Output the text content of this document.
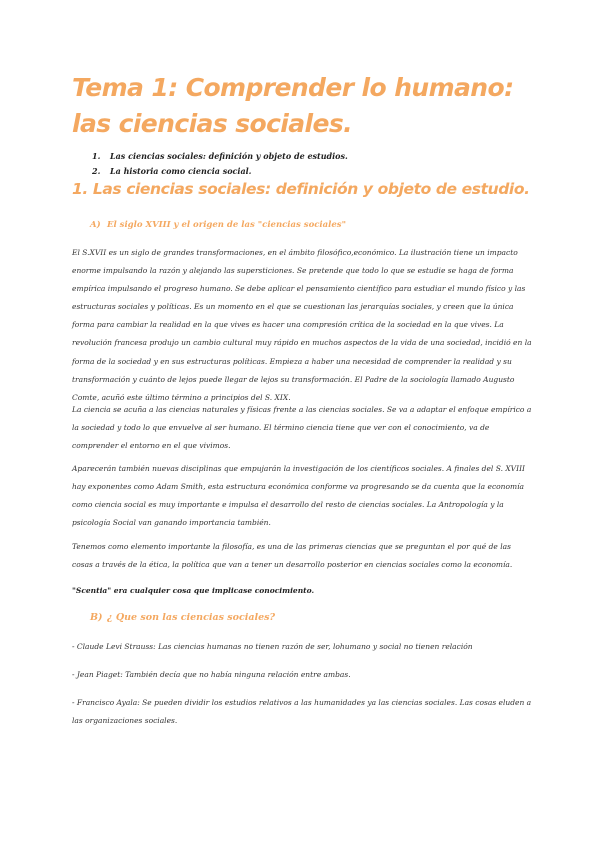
Tema 1: Comprender lo humano: las ciencias sociales.
1. Las ciencias sociales: definición y objeto de estudios.
2. La historia como ciencia social.
1. Las ciencias sociales: definición y objeto de estudio.
A) El siglo XVIII y el origen de las "ciencias sociales"

El S.XVII es un siglo de grandes transformaciones, en el ámbito filosófico,económico. La ilustración tiene un impacto enorme impulsando la razón y alejando las supersticiones. Se pretende que todo lo que se estudie se haga de forma empírica impulsando el progreso humano. Se debe aplicar el pensamiento científico para estudiar el mundo físico y las estructuras sociales y políticas. Es un momento en el que se cuestionan las jerarquías sociales, y creen que la única forma para cambiar la realidad en la que vives es hacer una compresión crítica de la sociedad en la que vives. La revolución francesa produjo un cambio cultural muy rápido en muchos aspectos de la vida de una sociedad, incidió en la forma de la sociedad y en sus estructuras políticas. Empieza a haber una necesidad de comprender la realidad y su transformación y cuánto de lejos puede llegar de lejos su transformación. El Padre de la sociología llamado Augusto Comte, acuñó este último término a principios del S. XIX.

La ciencia se acuña a las ciencias naturales y físicas frente a las ciencias sociales. Se va a adaptar el enfoque empírico a la sociedad y todo lo que envuelve al ser humano. El término ciencia tiene que ver con el conocimiento, va de comprender el entorno en el que vivimos.

Aparecerán también nuevas disciplinas que empujarán la investigación de los científicos sociales. A finales del S. XVIII hay exponentes como Adam Smith, esta estructura económica conforme va progresando se da cuenta que la economía como ciencia social es muy importante e impulsa el desarrollo del resto de ciencias sociales. La Antropología y la psicología Social van ganando importancia también.

Tenemos como elemento importante la filosofía, es una de las primeras ciencias que se preguntan el por qué de las cosas a través de la ética, la política que van a tener un desarrollo posterior en ciencias sociales como la economía.

"Scentia" era cualquier cosa que implicase conocimiento.

B) ¿ Que son las ciencias sociales?

- Claude Levi Strauss: Las ciencias humanas no tienen razón de ser, lohumano y social no tienen relación

- Jean Piaget: También decía que no había ninguna relación entre ambas.

- Francisco Ayala: Se pueden dividir los estudios relativos a las humanidades ya las ciencias sociales. Las cosas eluden a las organizaciones sociales.
